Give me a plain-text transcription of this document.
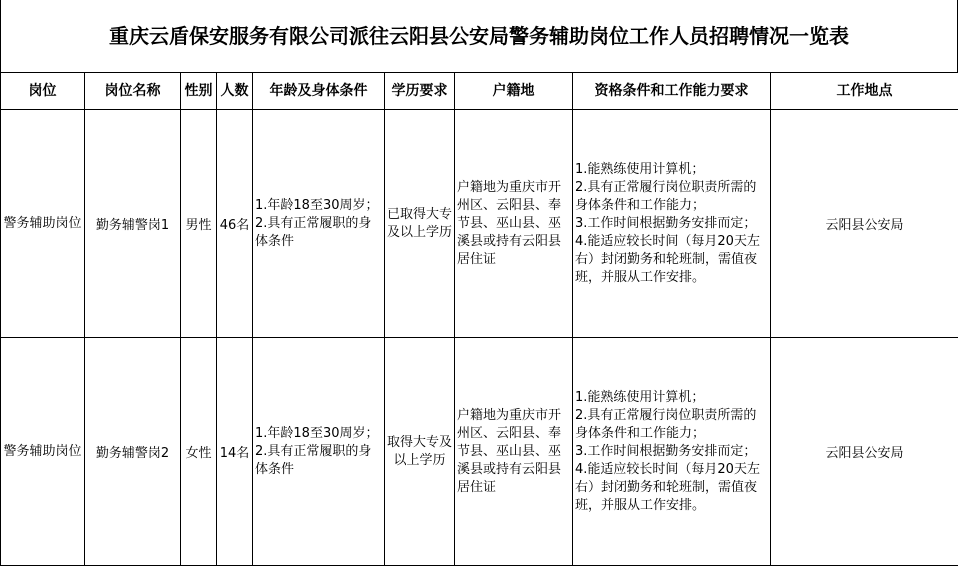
重庆云盾保安服务有限公司派往云阳县公安局警务辅助岗位工作人员招聘情况一览表
岗位	岗位名称	性别	人数	年龄及身体条件	学历要求	户籍地	资格条件和工作能力要求	工作地点
警务辅助岗位	勤务辅警岗1	男性	46名	1.年龄18至30周岁；
2.具有正常履职的身体条件	已取得大专及以上学历	户籍地为重庆市开州区、云阳县、奉节县、巫山县、巫溪县或持有云阳县居住证	1.能熟练使用计算机；
2.具有正常履行岗位职责所需的身体条件和工作能力；
3.工作时间根据勤务安排而定；
4.能适应较长时间（每月20天左右）封闭勤务和轮班制，需值夜班，并服从工作安排。	云阳县公安局
警务辅助岗位	勤务辅警岗2	女性	14名	1.年龄18至30周岁；
2.具有正常履职的身体条件	取得大专及以上学历	户籍地为重庆市开州区、云阳县、奉节县、巫山县、巫溪县或持有云阳县居住证	1.能熟练使用计算机；
2.具有正常履行岗位职责所需的身体条件和工作能力；
3.工作时间根据勤务安排而定；
4.能适应较长时间（每月20天左右）封闭勤务和轮班制，需值夜班，并服从工作安排。	云阳县公安局
